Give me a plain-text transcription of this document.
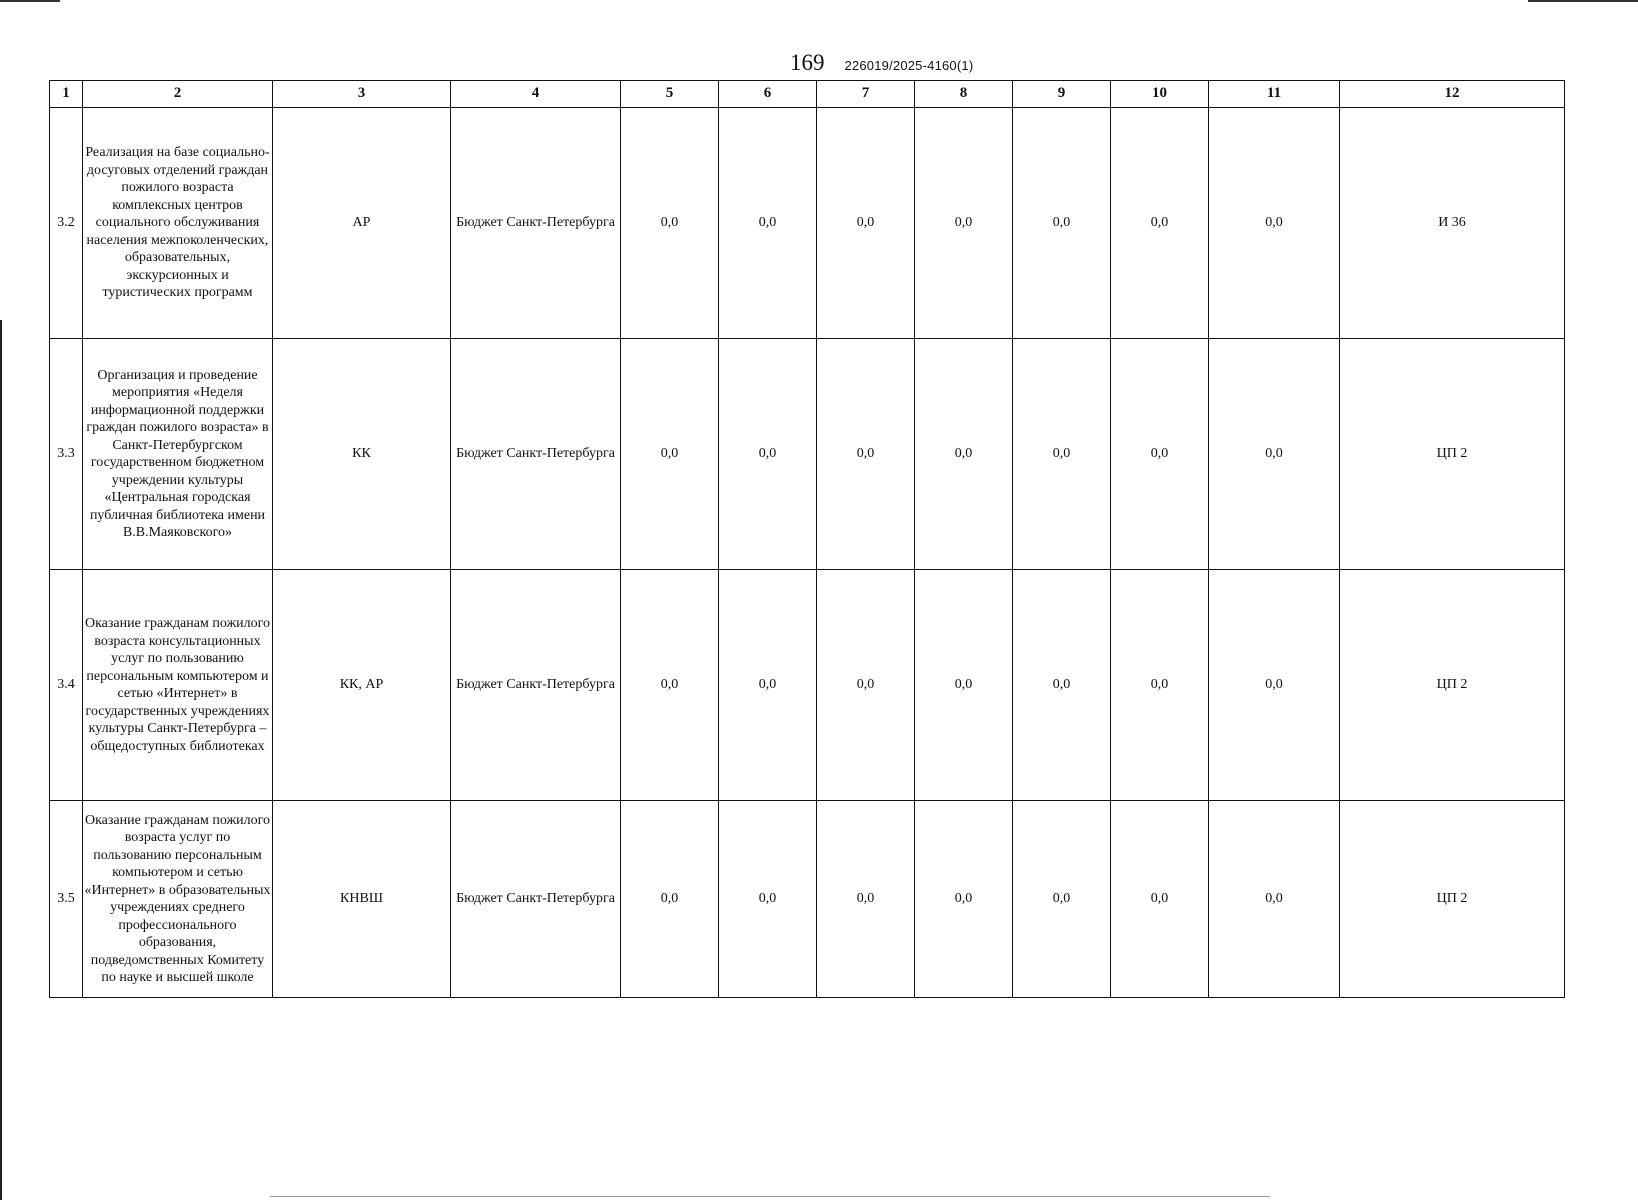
169 226019/2025-4160(1)
1	2	3	4	5	6	7	8	9	10	11	12
3.2	Реализация на базе социально-досуговых отделений граждан пожилого возраста комплексных центров социального обслуживания населения межпоколенческих, образовательных, экскурсионных и туристических программ	АР	Бюджет Санкт-Петербурга	0,0	0,0	0,0	0,0	0,0	0,0	0,0	И 36
3.3	Организация и проведение мероприятия «Неделя информационной поддержки граждан пожилого возраста» в Санкт-Петербургском государственном бюджетном учреждении культуры «Центральная городская публичная библиотека имени В.В.Маяковского»	КК	Бюджет Санкт-Петербурга	0,0	0,0	0,0	0,0	0,0	0,0	0,0	ЦП 2
3.4	Оказание гражданам пожилого возраста консультационных услуг по пользованию персональным компьютером и сетью «Интернет» в государственных учреждениях культуры Санкт-Петербурга – общедоступных библиотеках	КК, АР	Бюджет Санкт-Петербурга	0,0	0,0	0,0	0,0	0,0	0,0	0,0	ЦП 2
3.5	Оказание гражданам пожилого возраста услуг по пользованию персональным компьютером и сетью «Интернет» в образовательных учреждениях среднего профессионального образования, подведомственных Комитету по науке и высшей школе	КНВШ	Бюджет Санкт-Петербурга	0,0	0,0	0,0	0,0	0,0	0,0	0,0	ЦП 2
